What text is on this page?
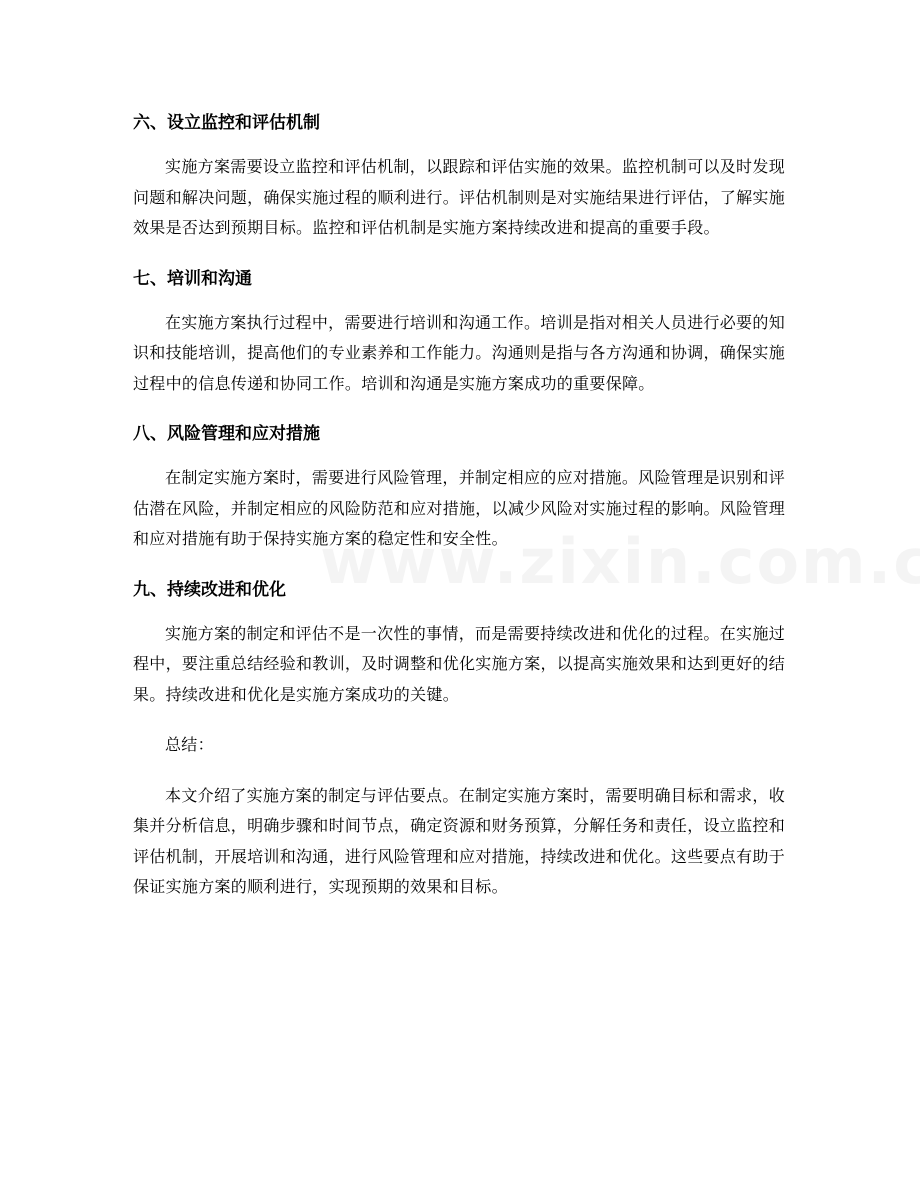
六、设立监控和评估机制

实施方案需要设立监控和评估机制，以跟踪和评估实施的效果。监控机制可以及时发现问题和解决问题，确保实施过程的顺利进行。评估机制则是对实施结果进行评估，了解实施效果是否达到预期目标。监控和评估机制是实施方案持续改进和提高的重要手段。

七、培训和沟通

在实施方案执行过程中，需要进行培训和沟通工作。培训是指对相关人员进行必要的知识和技能培训，提高他们的专业素养和工作能力。沟通则是指与各方沟通和协调，确保实施过程中的信息传递和协同工作。培训和沟通是实施方案成功的重要保障。

八、风险管理和应对措施

在制定实施方案时，需要进行风险管理，并制定相应的应对措施。风险管理是识别和评估潜在风险，并制定相应的风险防范和应对措施，以减少风险对实施过程的影响。风险管理和应对措施有助于保持实施方案的稳定性和安全性。

九、持续改进和优化

实施方案的制定和评估不是一次性的事情，而是需要持续改进和优化的过程。在实施过程中，要注重总结经验和教训，及时调整和优化实施方案，以提高实施效果和达到更好的结果。持续改进和优化是实施方案成功的关键。

总结：

本文介绍了实施方案的制定与评估要点。在制定实施方案时，需要明确目标和需求，收集并分析信息，明确步骤和时间节点，确定资源和财务预算，分解任务和责任，设立监控和评估机制，开展培训和沟通，进行风险管理和应对措施，持续改进和优化。这些要点有助于保证实施方案的顺利进行，实现预期的效果和目标。
